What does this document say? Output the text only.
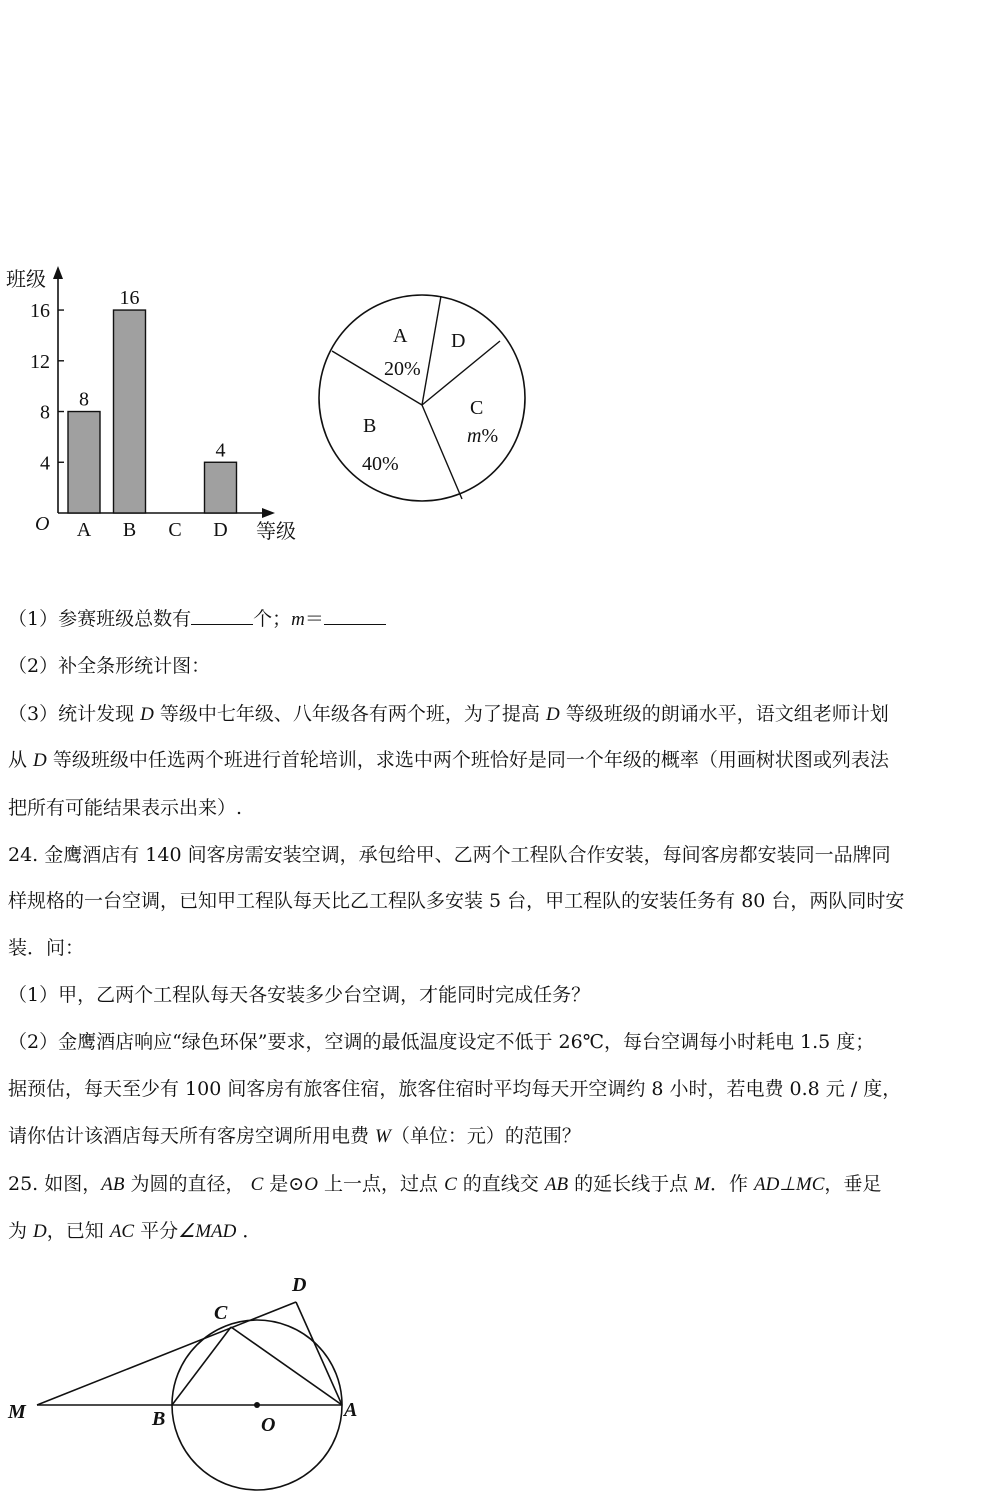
班级
等级
O
4
8
12
16
8
A
16
B C
4
D
A
20%
D
C
m%
B
40%
M	B	O
A
C
D
（1）参赛班级总数有	个；m＝
（2）补全条形统计图：
（3）统计发现 D 等级中七年级、八年级各有两个班，为了提高 D 等级班级的朗诵水平，语文组老师计划
从 D 等级班级中任选两个班进行首轮培训，求选中两个班恰好是同一个年级的概率（用画树状图或列表法
把所有可能结果表示出来）.
24. 金鹰酒店有 140 间客房需安装空调，承包给甲、乙两个工程队合作安装，每间客房都安装同一品牌同
样规格的一台空调，已知甲工程队每天比乙工程队多安装 5 台，甲工程队的安装任务有 80 台，两队同时安
装．问：
（1）甲，乙两个工程队每天各安装多少台空调，才能同时完成任务？
（2）金鹰酒店响应“绿色环保”要求，空调的最低温度设定不低于 26℃，每台空调每小时耗电 1.5 度；
据预估，每天至少有 100 间客房有旅客住宿，旅客住宿时平均每天开空调约 8 小时，若电费 0.8 元 / 度，
请你估计该酒店每天所有客房空调所用电费 W（单位：元）的范围？
25. 如图，AB 为圆的直径， C 是⊙O 上一点，过点 C 的直线交 AB 的延长线于点 M．作 AD⊥MC，垂足
为 D，已知 AC 平分∠MAD ．
